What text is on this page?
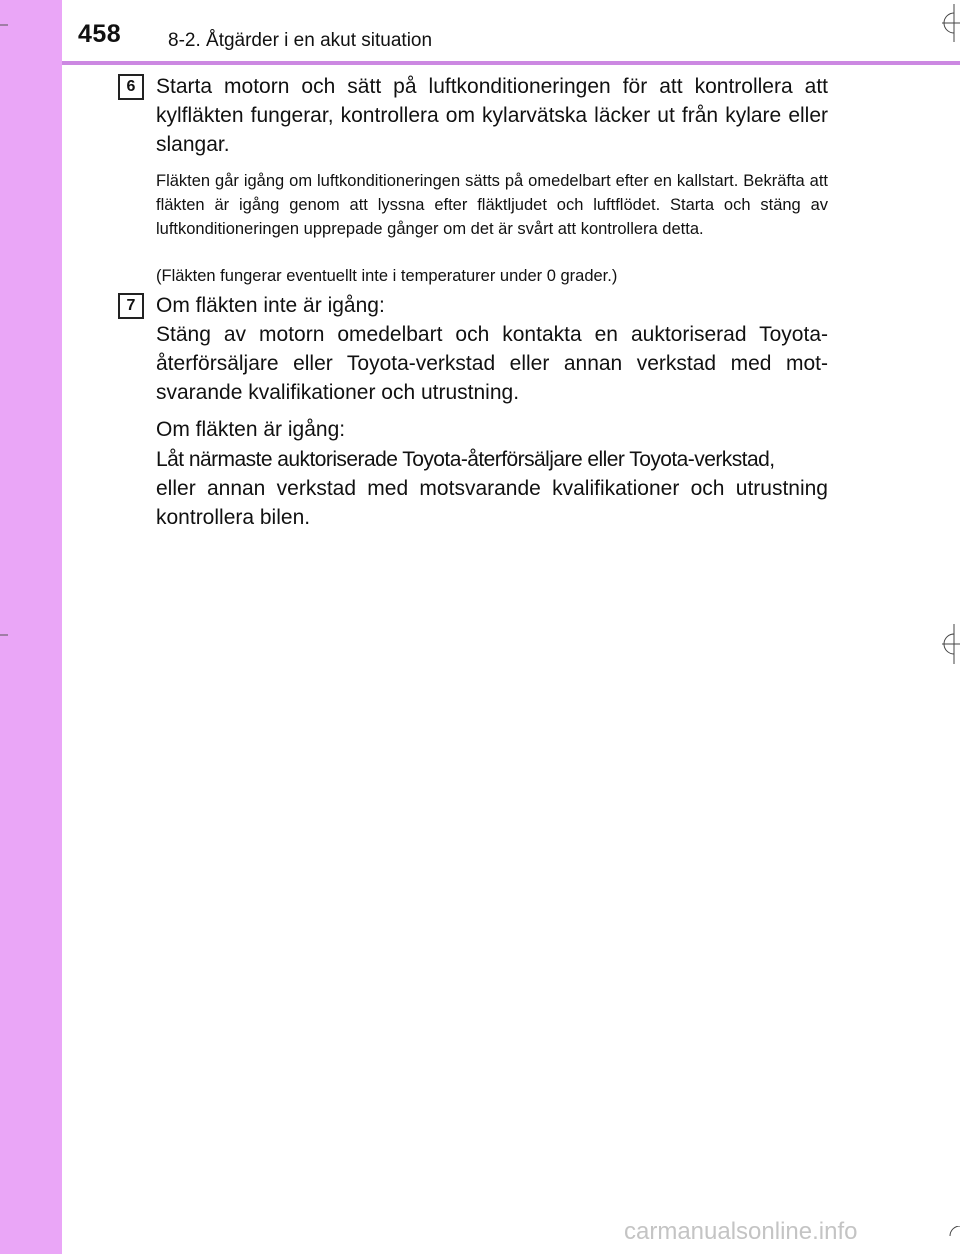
458 8-2. Åtgärder i en akut situation
6 Starta motorn och sätt på luftkonditioneringen för att kontrollera att kylfläkten fungerar, kontrollera om kylarvätska läcker ut från kylare eller slangar.

Fläkten går igång om luftkonditioneringen sätts på omedelbart efter en kallstart. Bekräfta att fläkten är igång genom att lyssna efter fläktljudet och luftflödet. Starta och stäng av luftkonditioneringen upprepade gånger om det är svårt att kontrollera detta.

(Fläkten fungerar eventuellt inte i temperaturer under 0 grader.)

7 Om fläkten inte är igång:

Stäng av motorn omedelbart och kontakta en auktoriserad Toyota-återförsäljare eller Toyota-verkstad eller annan verkstad med mot-svarande kvalifikationer och utrustning.

Om fläkten är igång:

Låt närmaste auktoriserade Toyota-återförsäljare eller Toyota-verkstad,

eller annan verkstad med motsvarande kvalifikationer och utrustning kontrollera bilen.

carmanualsonline.info
